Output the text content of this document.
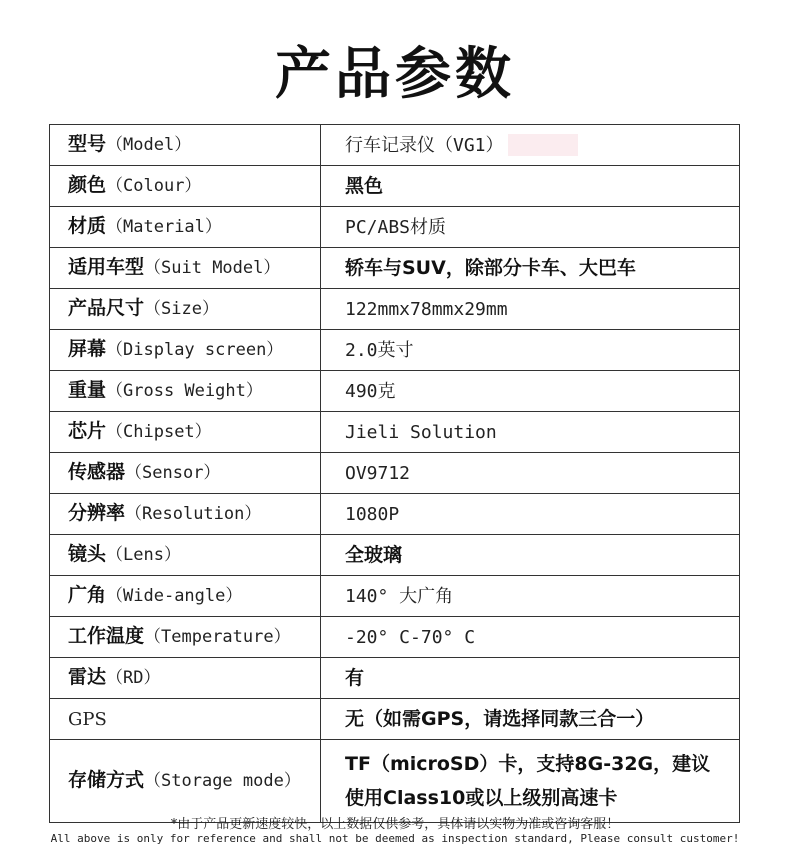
产品参数
型号（Model）	行车记录仪（VG1）
颜色（Colour）	黑色
材质（Material）	PC/ABS材质
适用车型（Suit Model）	轿车与SUV，除部分卡车、大巴车
产品尺寸（Size）	122mmx78mmx29mm
屏幕（Display screen）	2.0英寸
重量（Gross Weight）	490克
芯片（Chipset）	Jieli Solution
传感器（Sensor）	OV9712
分辨率（Resolution）	1080P
镜头（Lens）	全玻璃
广角（Wide-angle）	140° 大广角
工作温度（Temperature）	-20° C-70° C
雷达（RD）	有
GPS	无（如需GPS，请选择同款三合一）
存储方式（Storage mode）	TF（microSD）卡，支持8G-32G，建议使用Class10或以上级别高速卡
*由于产品更新速度较快，以上数据仅供参考，具体请以实物为准或咨询客服！
All above is only for reference and shall not be deemed as inspection standard, Please consult customer!
